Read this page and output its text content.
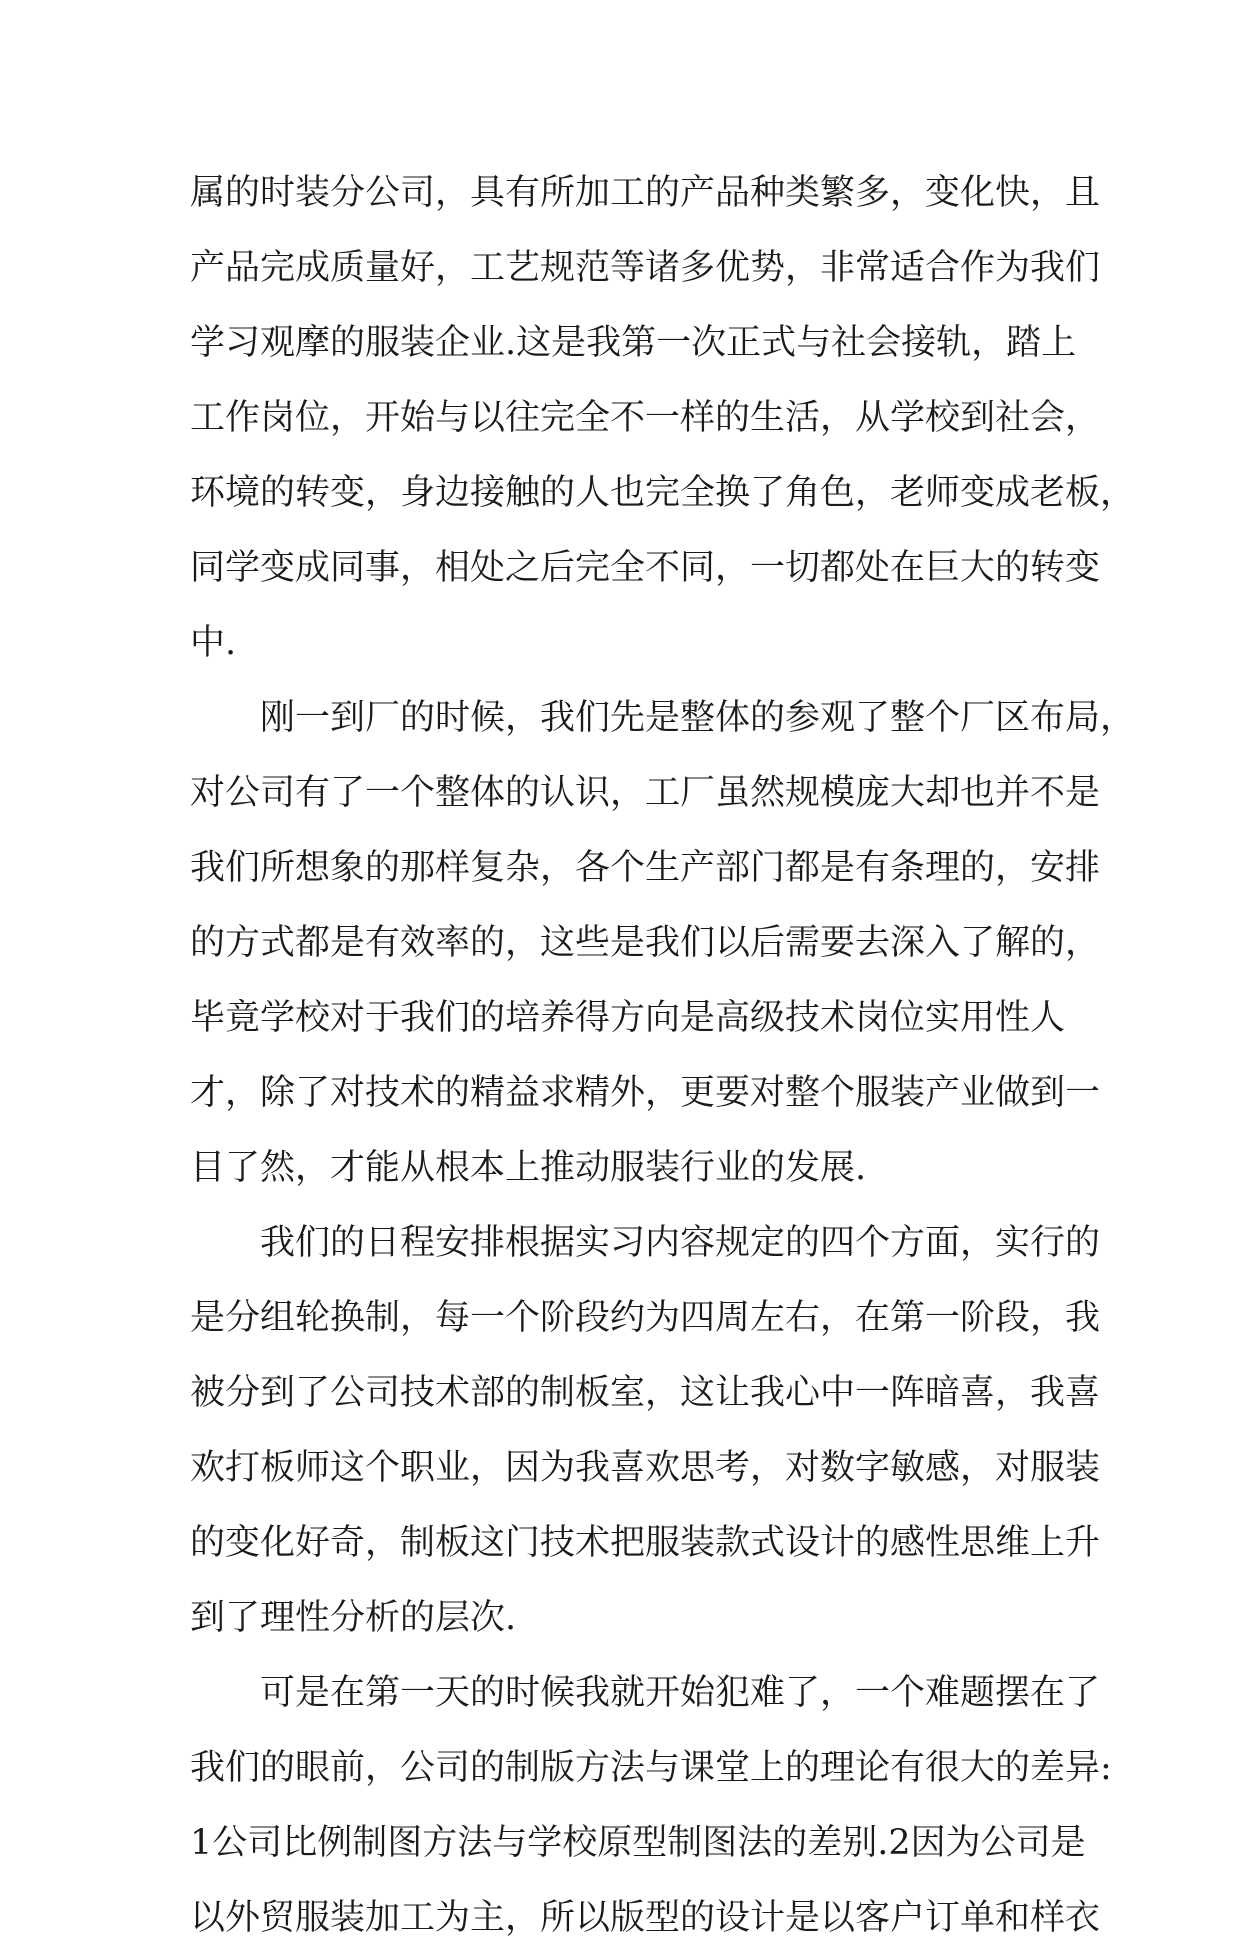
属的时装分公司，具有所加工的产品种类繁多，变化快，且
产品完成质量好，工艺规范等诸多优势，非常适合作为我们
学习观摩的服装企业.这是我第一次正式与社会接轨，踏上
工作岗位，开始与以往完全不一样的生活，从学校到社会，
环境的转变，身边接触的人也完全换了角色，老师变成老板，
同学变成同事，相处之后完全不同，一切都处在巨大的转变
中.
刚一到厂的时候，我们先是整体的参观了整个厂区布局，
对公司有了一个整体的认识，工厂虽然规模庞大却也并不是
我们所想象的那样复杂，各个生产部门都是有条理的，安排
的方式都是有效率的，这些是我们以后需要去深入了解的，
毕竟学校对于我们的培养得方向是高级技术岗位实用性人
才，除了对技术的精益求精外，更要对整个服装产业做到一
目了然，才能从根本上推动服装行业的发展.
我们的日程安排根据实习内容规定的四个方面，实行的
是分组轮换制，每一个阶段约为四周左右，在第一阶段，我
被分到了公司技术部的制板室，这让我心中一阵暗喜，我喜
欢打板师这个职业，因为我喜欢思考，对数字敏感，对服装
的变化好奇，制板这门技术把服装款式设计的感性思维上升
到了理性分析的层次.
可是在第一天的时候我就开始犯难了，一个难题摆在了
我们的眼前，公司的制版方法与课堂上的理论有很大的差异:
1公司比例制图方法与学校原型制图法的差别.2因为公司是
以外贸服装加工为主，所以版型的设计是以客户订单和样衣
